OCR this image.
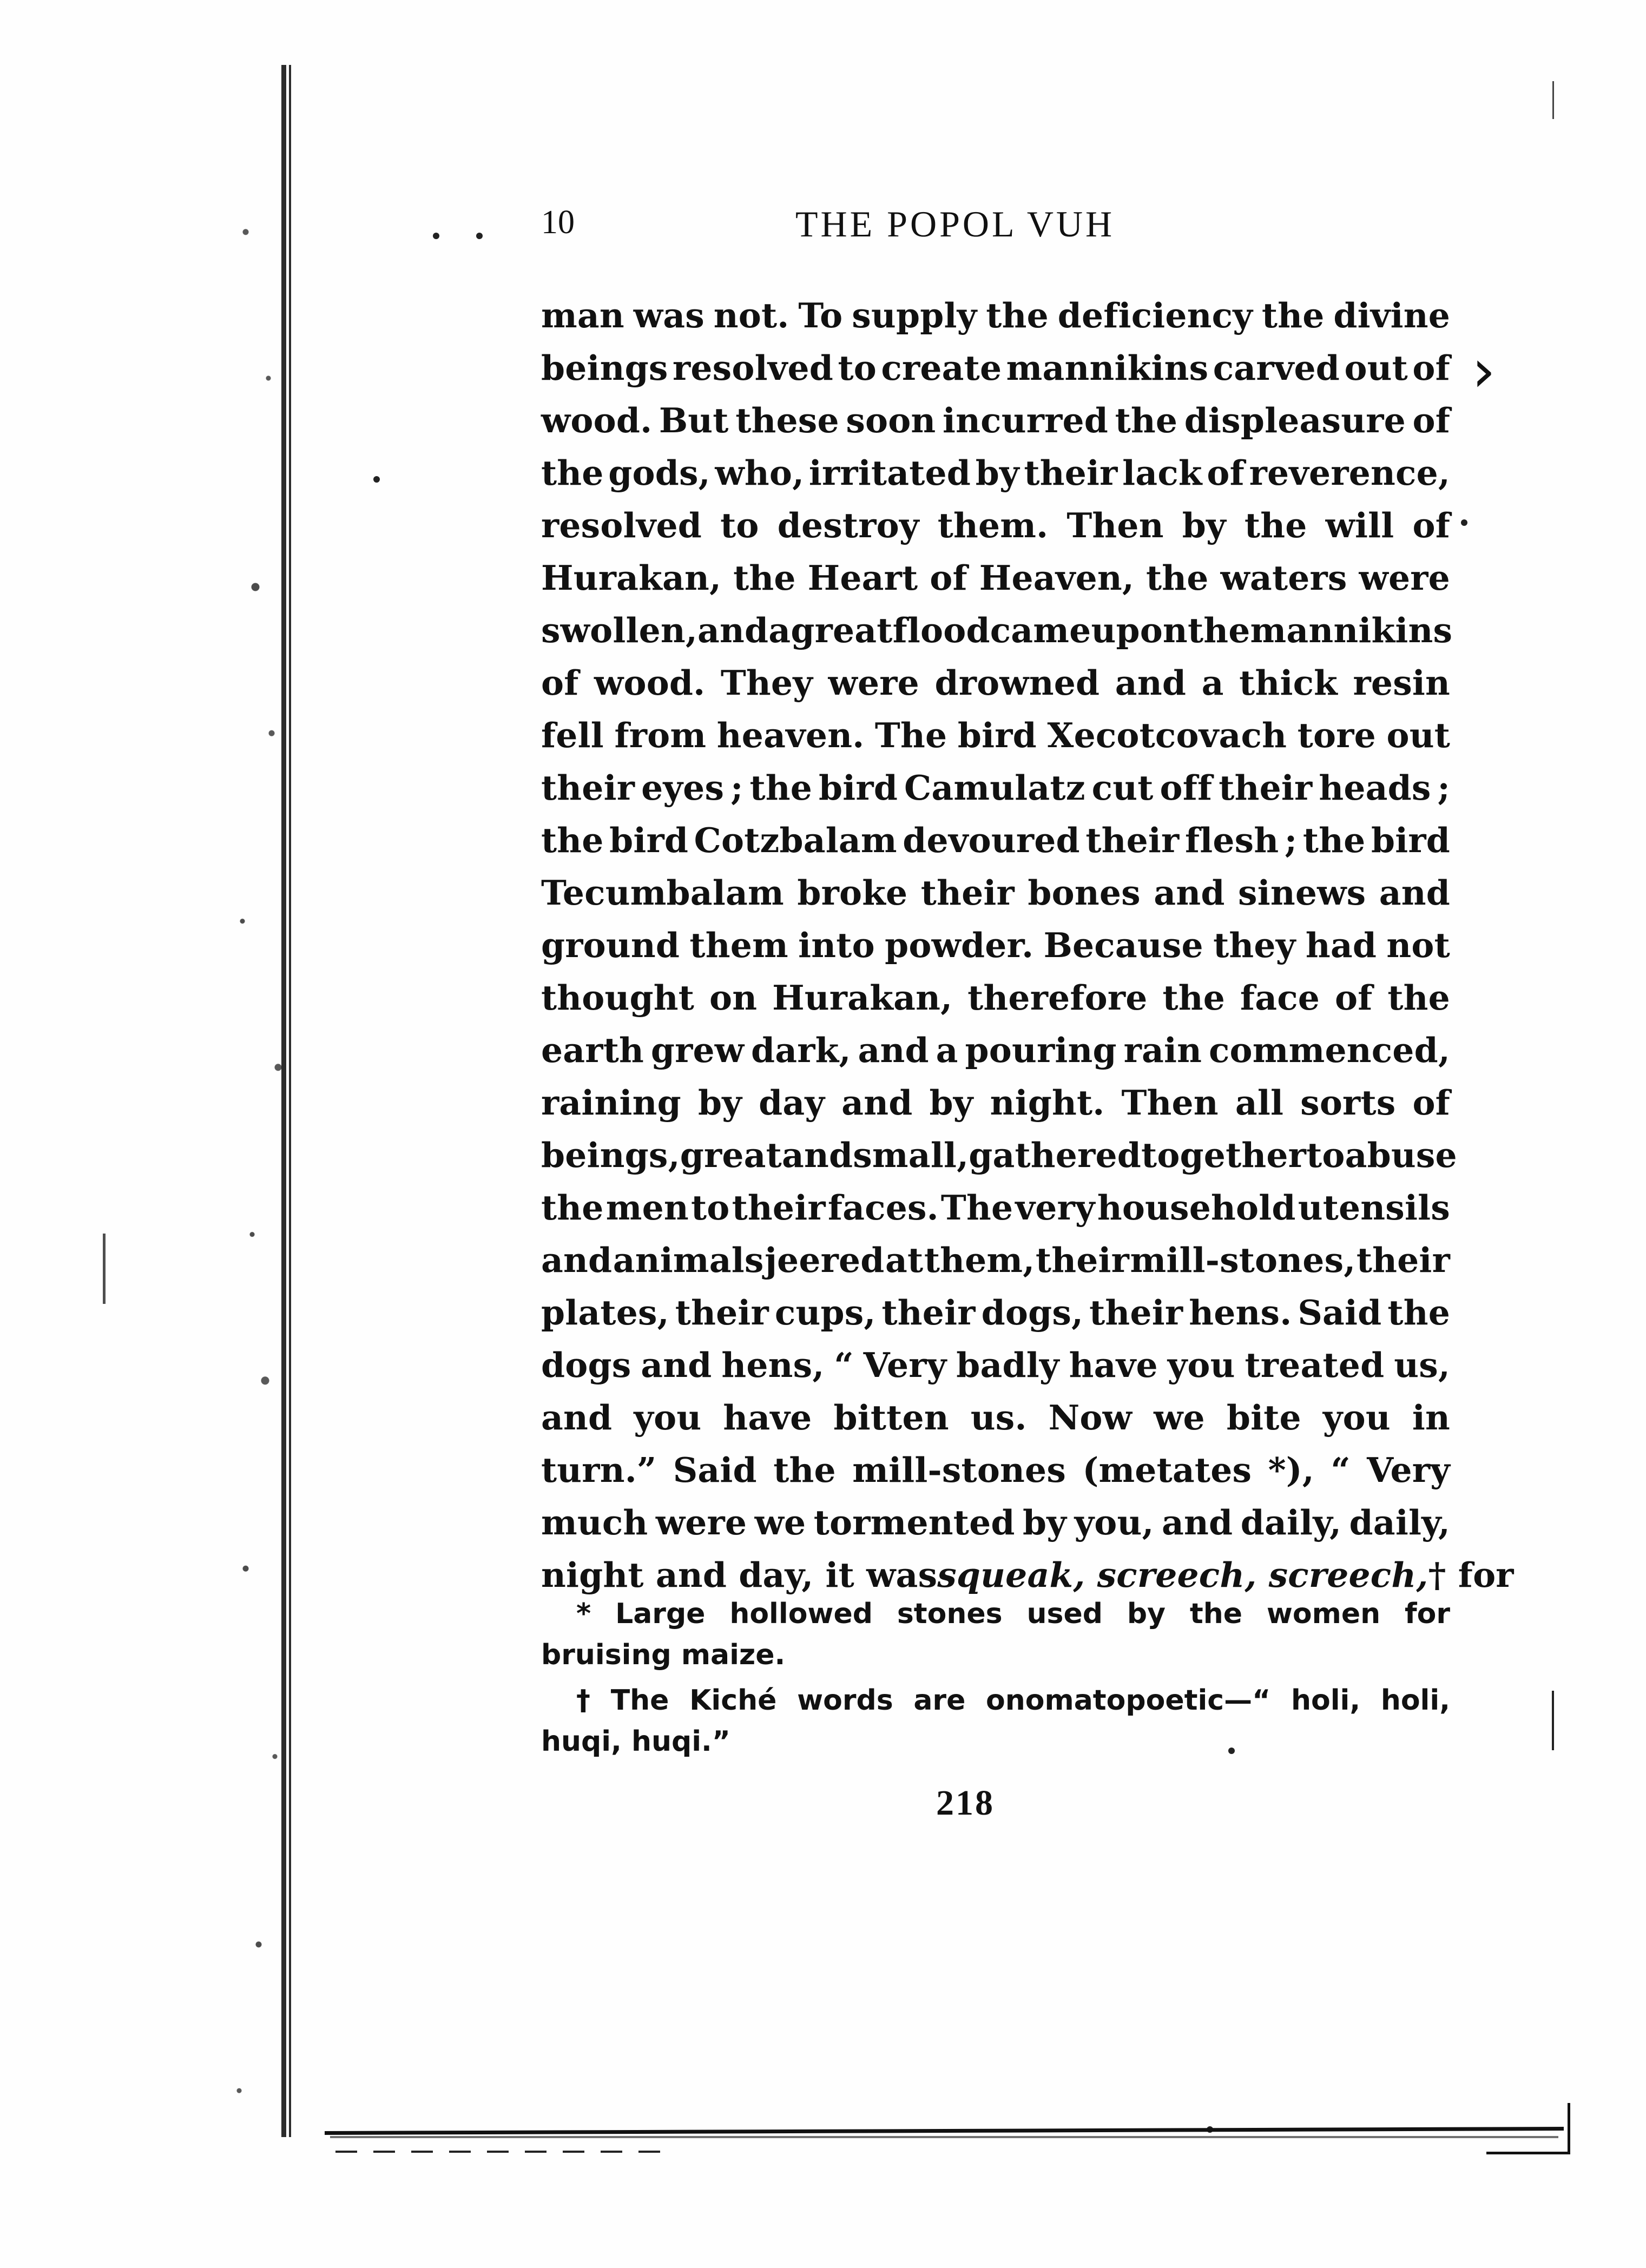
›
10	THE POPOL VUH
man was not. To supply the deficiency the divine
beings resolved to create mannikins carved out of
wood. But these soon incurred the displeasure of
the gods, who, irritated by their lack of reverence,
resolved to destroy them. Then by the will of
Hurakan, the Heart of Heaven, the waters were
swollen, and a great flood came upon the mannikins
of wood. They were drowned and a thick resin
fell from heaven. The bird Xecotcovach tore out
their eyes ; the bird Camulatz cut off their heads ;
the bird Cotzbalam devoured their flesh ; the bird
Tecumbalam broke their bones and sinews and
ground them into powder. Because they had not
thought on Hurakan, therefore the face of the
earth grew dark, and a pouring rain commenced,
raining by day and by night. Then all sorts of
beings, great and small, gathered together to abuse
the men to their faces. The very household utensils
and animals jeered at them, their mill-stones, their
plates, their cups, their dogs, their hens. Said the
dogs and hens, “ Very badly have you treated us,
and you have bitten us. Now we bite you in
turn.” Said the mill-stones (metates *), “ Very
much were we tormented by you, and daily, daily,
night and day, it was squeak, screech, screech, † for
* Large hollowed stones used by the women for
bruising maize.
† The Kiché words are onomatopoetic—“ holi, holi,
huqi, huqi.”
218
